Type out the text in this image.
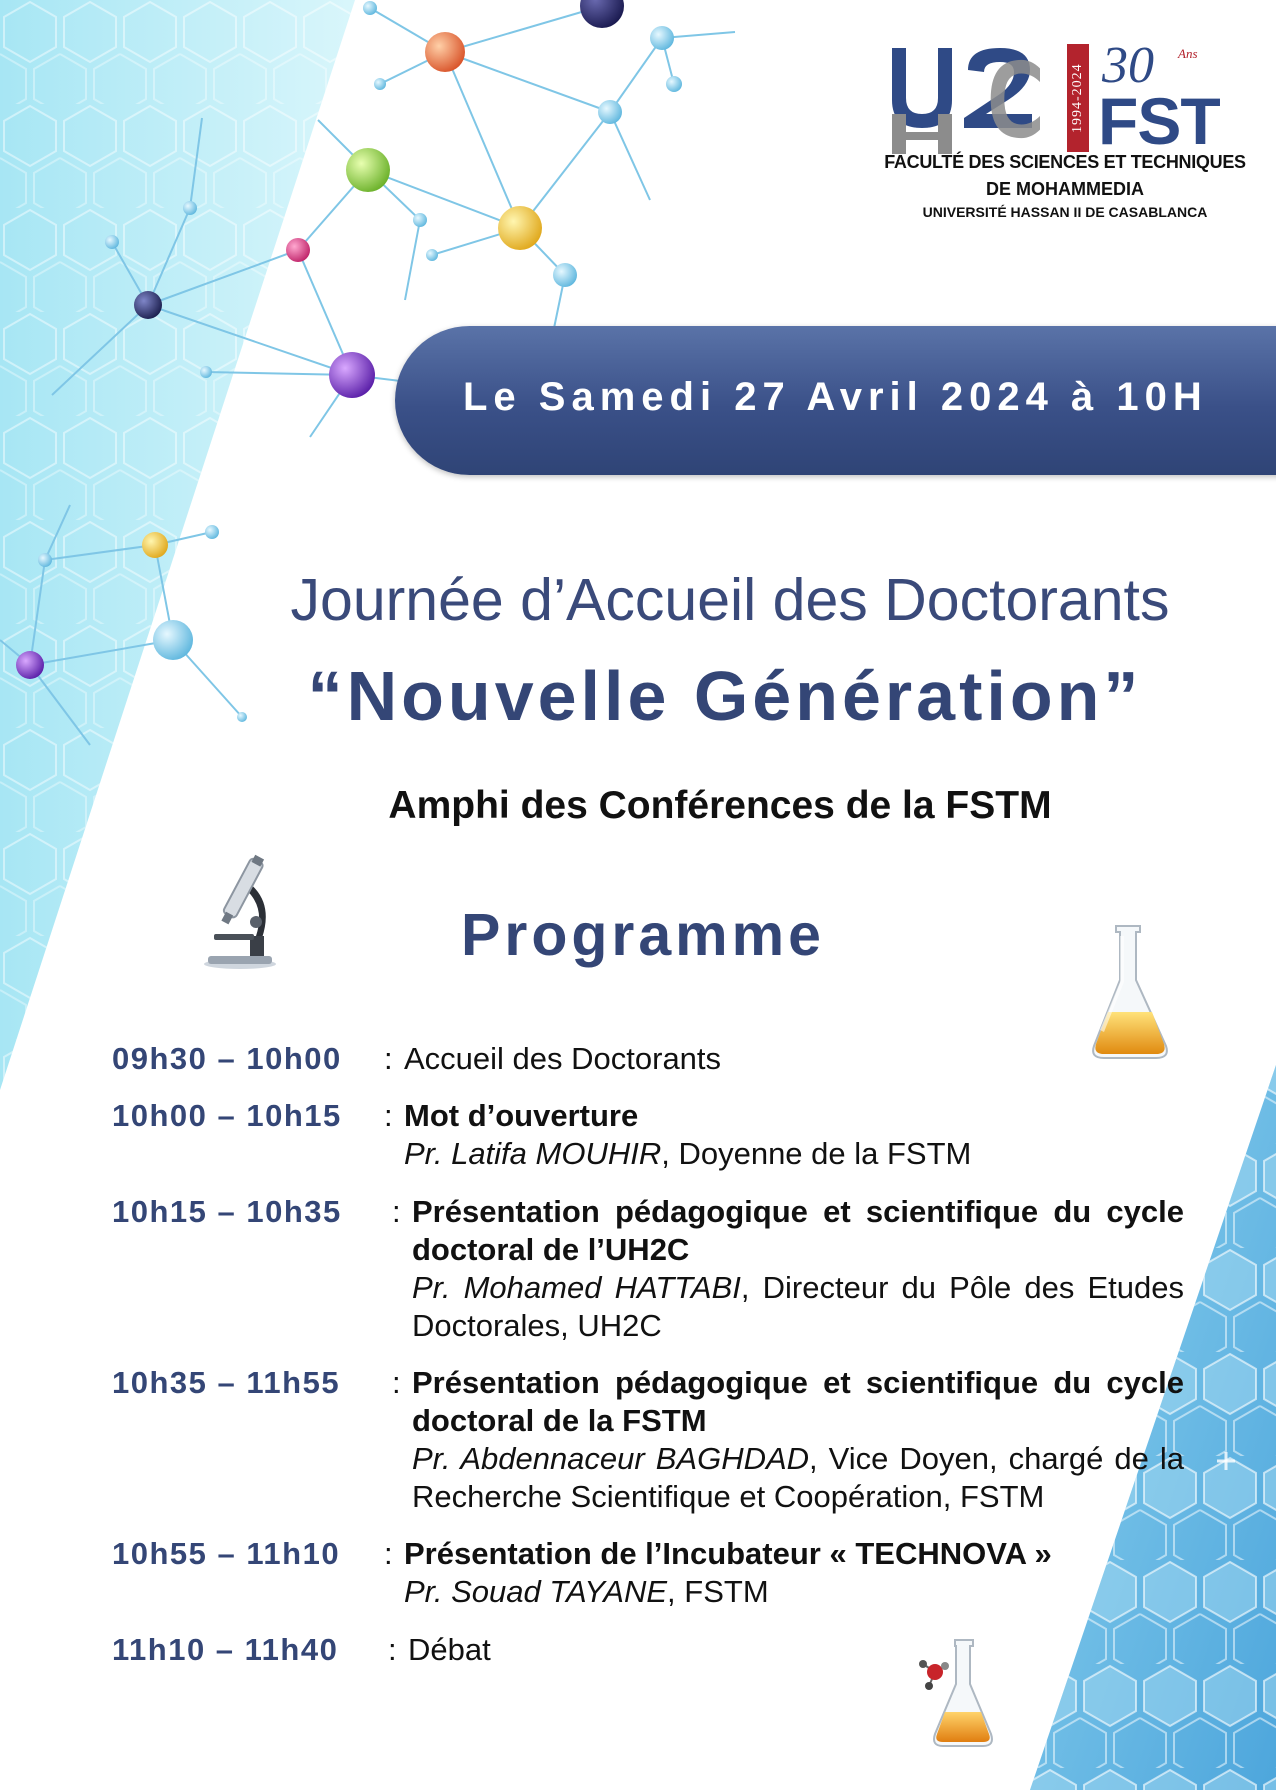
1994-2024 30 Ans
FST
FACULTÉ DES SCIENCES ET TECHNIQUES
DE MOHAMMEDIA
UNIVERSITÉ HASSAN II DE CASABLANCA
Le Samedi 27 Avril 2024 à 10H
Journée d’Accueil des Doctorants
“Nouvelle Génération”
Amphi des Conférences de la FSTM
Programme
09h30 – 10h00 : Accueil des Doctorants
10h00 – 10h15 : Mot d’ouverture
Pr. Latifa MOUHIR, Doyenne de la FSTM
10h15 – 10h35 : Présentation pédagogique et scientifique du cycle doctoral de l’UH2C
Pr. Mohamed HATTABI, Directeur du Pôle des Etudes Doctorales, UH2C
10h35 – 11h55 : Présentation pédagogique et scientifique du cycle doctoral de la FSTM
Pr. Abdennaceur BAGHDAD, Vice Doyen, chargé de la Recherche Scientifique et Coopération, FSTM
10h55 – 11h10 : Présentation de l’Incubateur « TECHNOVA »
Pr. Souad TAYANE, FSTM
11h10 – 11h40 : Débat
